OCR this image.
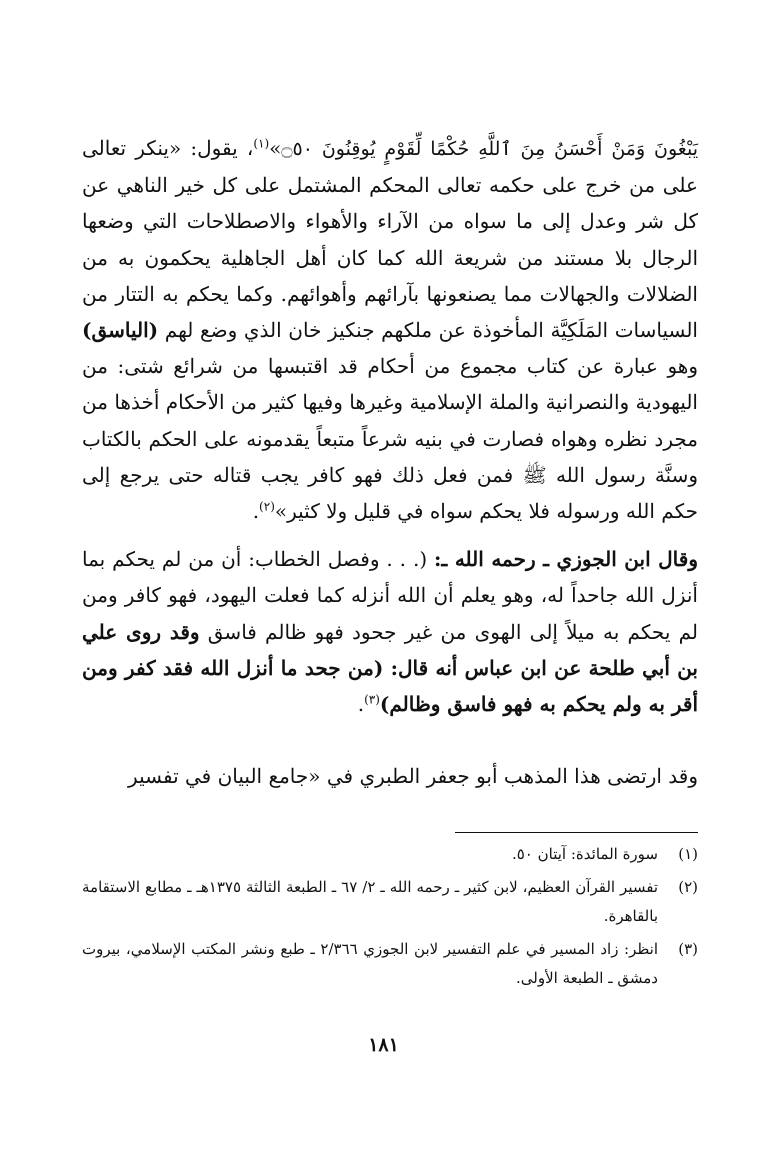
يَبْغُونَ وَمَنْ أَحْسَنُ مِنَ ٱللَّهِ حُكْمًا لِّقَوْمٍ يُوقِنُونَ ۝٥٠»$^{(١)}$، يقول: «ينكر تعالى على من خرج على حكمه تعالى المحكم المشتمل على كل خير الناهي عن كل شر وعدل إلى ما سواه من الآراء والأهواء والاصطلاحات التي وضعها الرجال بلا مستند من شريعة الله كما كان أهل الجاهلية يحكمون به من الضلالات والجهالات مما يصنعونها بآرائهم وأهوائهم. وكما يحكم به التتار من السياسات المَلَكِيَّة المأخوذة عن ملكهم جنكيز خان الذي وضع لهم (الياسق) وهو عبارة عن كتاب مجموع من أحكام قد اقتبسها من شرائع شتى: من اليهودية والنصرانية والملة الإسلامية وغيرها وفيها كثير من الأحكام أخذها من مجرد نظره وهواه فصارت في بنيه شرعاً متبعاً يقدمونه على الحكم بالكتاب وسنَّة رسول الله ﷺ فمن فعل ذلك فهو كافر يجب قتاله حتى يرجع إلى حكم الله ورسوله فلا يحكم سواه في قليل ولا كثير»$^{(٢)}$.

وقال ابن الجوزي ـ رحمه الله ـ: (. . . وفصل الخطاب: أن من لم يحكم بما أنزل الله جاحداً له، وهو يعلم أن الله أنزله كما فعلت اليهود، فهو كافر ومن لم يحكم به ميلاً إلى الهوى من غير جحود فهو ظالم فاسق وقد روى علي بن أبي طلحة عن ابن عباس أنه قال: (من جحد ما أنزل الله فقد كفر ومن أقر به ولم يحكم به فهو فاسق وظالم)$^{(٣)}$.

وقد ارتضى هذا المذهب أبو جعفر الطبري في «جامع البيان في تفسير

(١)
سورة المائدة: آيتان ٥٠.
(٢)
تفسير القرآن العظيم، لابن كثير ـ رحمه الله ـ ٢/ ٦٧ ـ الطبعة الثالثة ١٣٧٥هـ ـ مطابع الاستقامة بالقاهرة.
(٣)
انظر: زاد المسير في علم التفسير لابن الجوزي ٢/٣٦٦ ـ طبع ونشر المكتب الإسلامي، بيروت دمشق ـ الطبعة الأولى.
١٨١
